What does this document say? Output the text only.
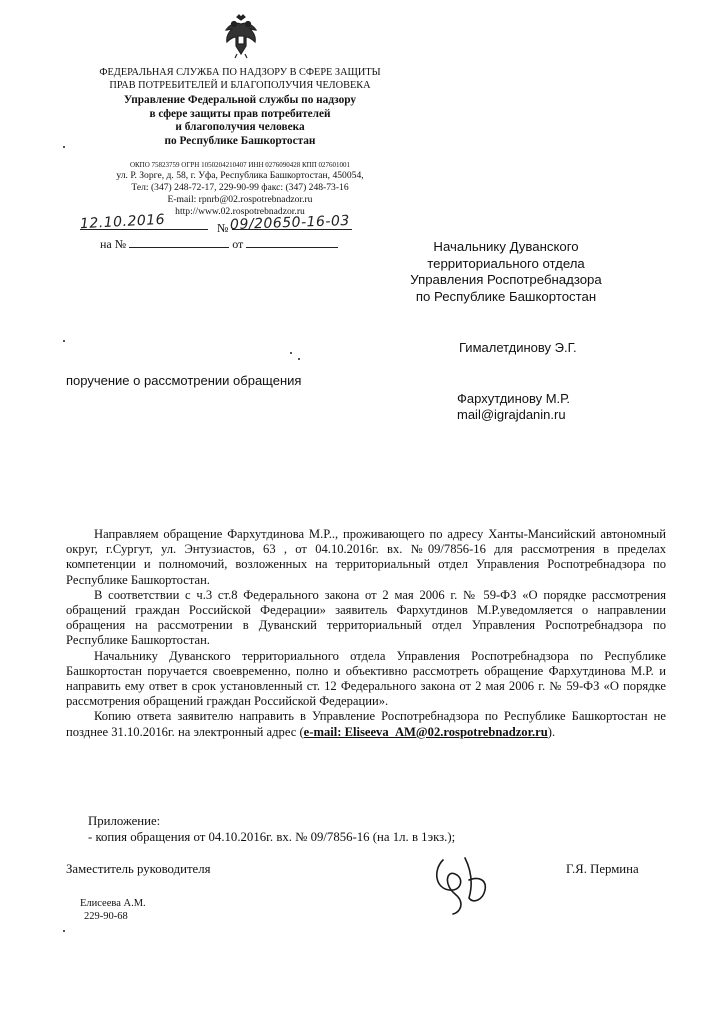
ФЕДЕРАЛЬНАЯ СЛУЖБА ПО НАДЗОРУ В СФЕРЕ ЗАЩИТЫ
ПРАВ ПОТРЕБИТЕЛЕЙ И БЛАГОПОЛУЧИЯ ЧЕЛОВЕКА
Управление Федеральной службы по надзору
в сфере защиты прав потребителей
и благополучия человека
по Республике Башкортостан
ОКПО 75823759 ОГРН 1050204210407 ИНН 0276090428 КПП 027601001
ул. Р. Зорге, д. 58, г. Уфа, Республика Башкортостан, 450054,
Тел: (347) 248-72-17, 229-90-99 факс: (347) 248-73-16
E-mail: rpnrb@02.rospotrebnadzor.ru
http://www.02.rospotrebnadzor.ru
12.10.2016	№ 09/20650-16-03
на №	от	Начальнику Дуванского
территориального отдела
Управления Роспотребнадзора
по Республике Башкортостан
Гималетдинову Э.Г.
Фархутдинову М.Р.
mail@igrajdanin.ru
поручение о рассмотрении обращения

Направляем обращение Фархутдинова М.Р.., проживающего по адресу Ханты-Мансийский автономный округ, г.Сургут, ул. Энтузиастов, 63 , от 04.10.2016г. вх. №09/7856-16 для рассмотрения в пределах компетенции и полномочий, возложенных на территориальный отдел Управления Роспотребнадзора по Республике Башкортостан.

В соответствии с ч.3 ст.8 Федерального закона от 2 мая 2006 г. № 59-ФЗ «О порядке рассмотрения обращений граждан Российской Федерации» заявитель Фархутдинов М.Р.уведомляется о направлении обращения на рассмотрении в Дуванский территориальный отдел Управления Роспотребнадзора по Республике Башкортостан.

Начальнику Дуванского территориального отдела Управления Роспотребнадзора по Республике Башкортостан поручается своевременно, полно и объективно рассмотреть обращение Фархутдинова М.Р. и направить ему ответ в срок установленный ст. 12 Федерального закона от 2 мая 2006 г. № 59-ФЗ «О порядке рассмотрения обращений граждан Российской Федерации».

Копию ответа заявителю направить в Управление Роспотребнадзора по Республике Башкортостан не позднее 31.10.2016г. на электронный адрес (e-mail: Eliseeva_AM@02.rospotrebnadzor.ru).

Приложение:
- копия обращения от 04.10.2016г. вх. № 09/7856-16 (на 1л. в 1экз.);
Заместитель руководителя	Г.Я. Пермина
Елисеева А.М.
229-90-68
